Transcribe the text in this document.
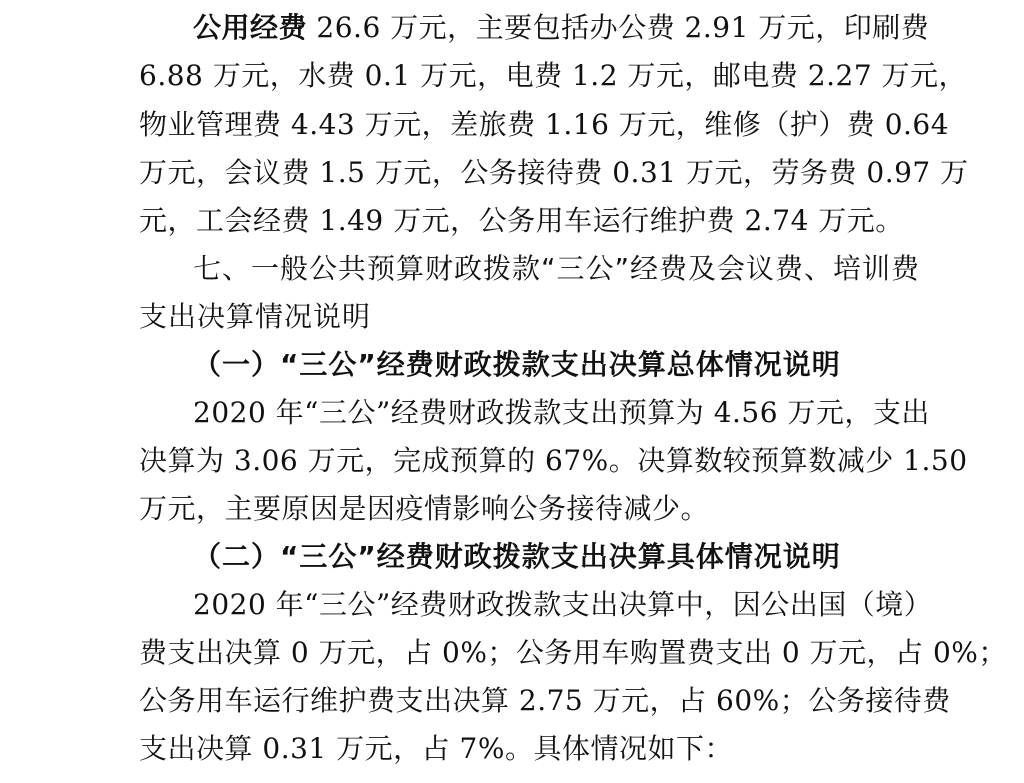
公用经费 26.6 万元，主要包括办公费 2.91 万元，印刷费

6.88 万元，水费 0.1 万元，电费 1.2 万元，邮电费 2.27 万元，

物业管理费 4.43 万元，差旅费 1.16 万元，维修（护）费 0.64

万元，会议费 1.5 万元，公务接待费 0.31 万元，劳务费 0.97 万

元，工会经费 1.49 万元，公务用车运行维护费 2.74 万元。

七、一般公共预算财政拨款“三公”经费及会议费、培训费

支出决算情况说明

（一）“三公”经费财政拨款支出决算总体情况说明

2020 年“三公”经费财政拨款支出预算为 4.56 万元，支出

决算为 3.06 万元，完成预算的 67%。决算数较预算数减少 1.50

万元，主要原因是因疫情影响公务接待减少。

（二）“三公”经费财政拨款支出决算具体情况说明

2020 年“三公”经费财政拨款支出决算中，因公出国（境）

费支出决算 0 万元，占 0%；公务用车购置费支出 0 万元，占 0%；

公务用车运行维护费支出决算 2.75 万元，占 60%；公务接待费

支出决算 0.31 万元，占 7%。具体情况如下：
